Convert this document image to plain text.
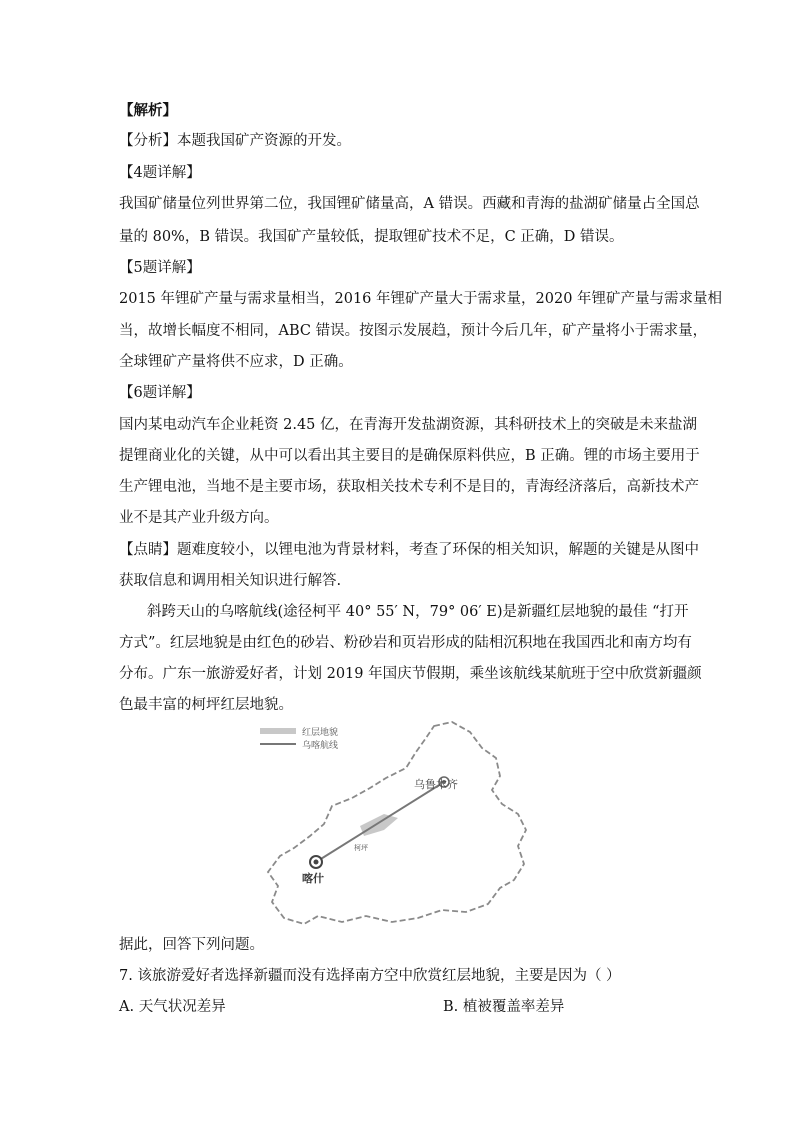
【解析】
【分析】本题我国矿产资源的开发。
【4题详解】
我国矿储量位列世界第二位，我国锂矿储量高，A 错误。西藏和青海的盐湖矿储量占全国总
量的 80%，B 错误。我国矿产量较低，提取锂矿技术不足，C 正确，D 错误。
【5题详解】
2015 年锂矿产量与需求量相当，2016 年锂矿产量大于需求量，2020 年锂矿产量与需求量相
当，故增长幅度不相同，ABC 错误。按图示发展趋，预计今后几年，矿产量将小于需求量，
全球锂矿产量将供不应求，D 正确。
【6题详解】
国内某电动汽车企业耗资 2.45 亿，在青海开发盐湖资源，其科研技术上的突破是未来盐湖
提锂商业化的关键，从中可以看出其主要目的是确保原料供应，B 正确。锂的市场主要用于
生产锂电池，当地不是主要市场，获取相关技术专利不是目的，青海经济落后，高新技术产
业不是其产业升级方向。
【点睛】题难度较小，以锂电池为背景材料，考查了环保的相关知识，解题的关键是从图中
获取信息和调用相关知识进行解答.
斜跨天山的乌喀航线(途径柯平 40° 55′ N，79° 06′ E)是新疆红层地貌的最佳 “打开
方式”。红层地貌是由红色的砂岩、粉砂岩和页岩形成的陆相沉积地在我国西北和南方均有
分布。广东一旅游爱好者，计划 2019 年国庆节假期，乘坐该航线某航班于空中欣赏新疆颜
色最丰富的柯坪红层地貌。
红层地貌
乌喀航线
乌鲁木齐
喀什
柯坪
据此，回答下列问题。
7. 该旅游爱好者选择新疆而没有选择南方空中欣赏红层地貌，主要是因为（ ）
A. 天气状况差异	B. 植被覆盖率差异
